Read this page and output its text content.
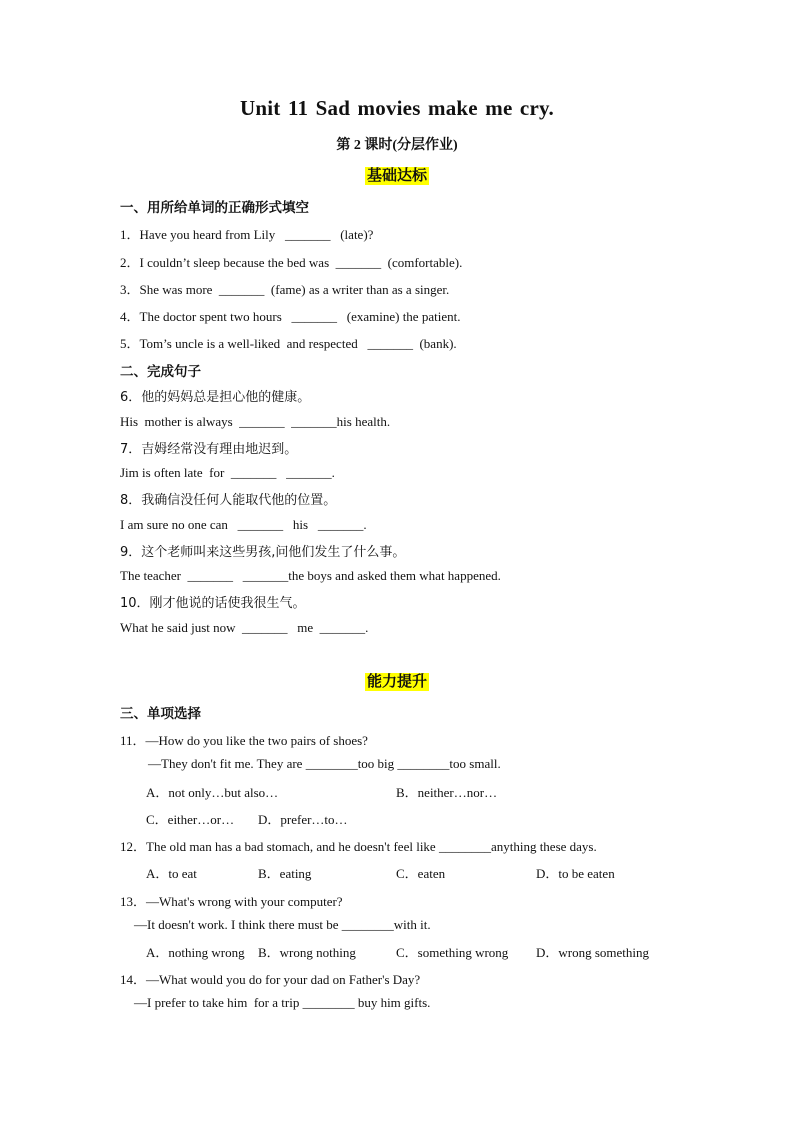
Unit 11 Sad movies make me cry.
第 2 课时(分层作业)
基础达标
一、用所给单词的正确形式填空
1．Have you heard from Lily   _______   (late)?
2．I couldn’t sleep because the bed was  _______  (comfortable).
3．She was more  _______  (fame) as a writer than as a singer.
4．The doctor spent two hours   _______   (examine) the patient.
5．Tom’s uncle is a well-liked  and respected   _______  (bank).
二、完成句子
6．他的妈妈总是担心他的健康。
His  mother is always  _______  _______his health.
7．吉姆经常没有理由地迟到。
Jim is often late  for  _______   _______.
8．我确信没任何人能取代他的位置。
I am sure no one can   _______   his   _______.
9．这个老师叫来这些男孩,问他们发生了什么事。
The teacher  _______   _______the boys and asked them what happened.
10．刚才他说的话使我很生气。
What he said just now  _______   me  _______.
能力提升
三、单项选择
11．—How do you like the two pairs of shoes?
—They don't fit me. They are ________too big ________too small.
A．not only…but also…	B．neither…nor…
C．either…or… D．prefer…to…
12．The old man has a bad stomach, and he doesn't feel like ________anything these days.
A．to eat	B．eating	C．eaten	D．to be eaten
13．—What's wrong with your computer?
—It doesn't work. I think there must be ________with it.
A．nothing wrong B．wrong nothing	C．something wrong D．wrong something
14．—What would you do for your dad on Father's Day?
—I prefer to take him  for a trip ________ buy him gifts.
